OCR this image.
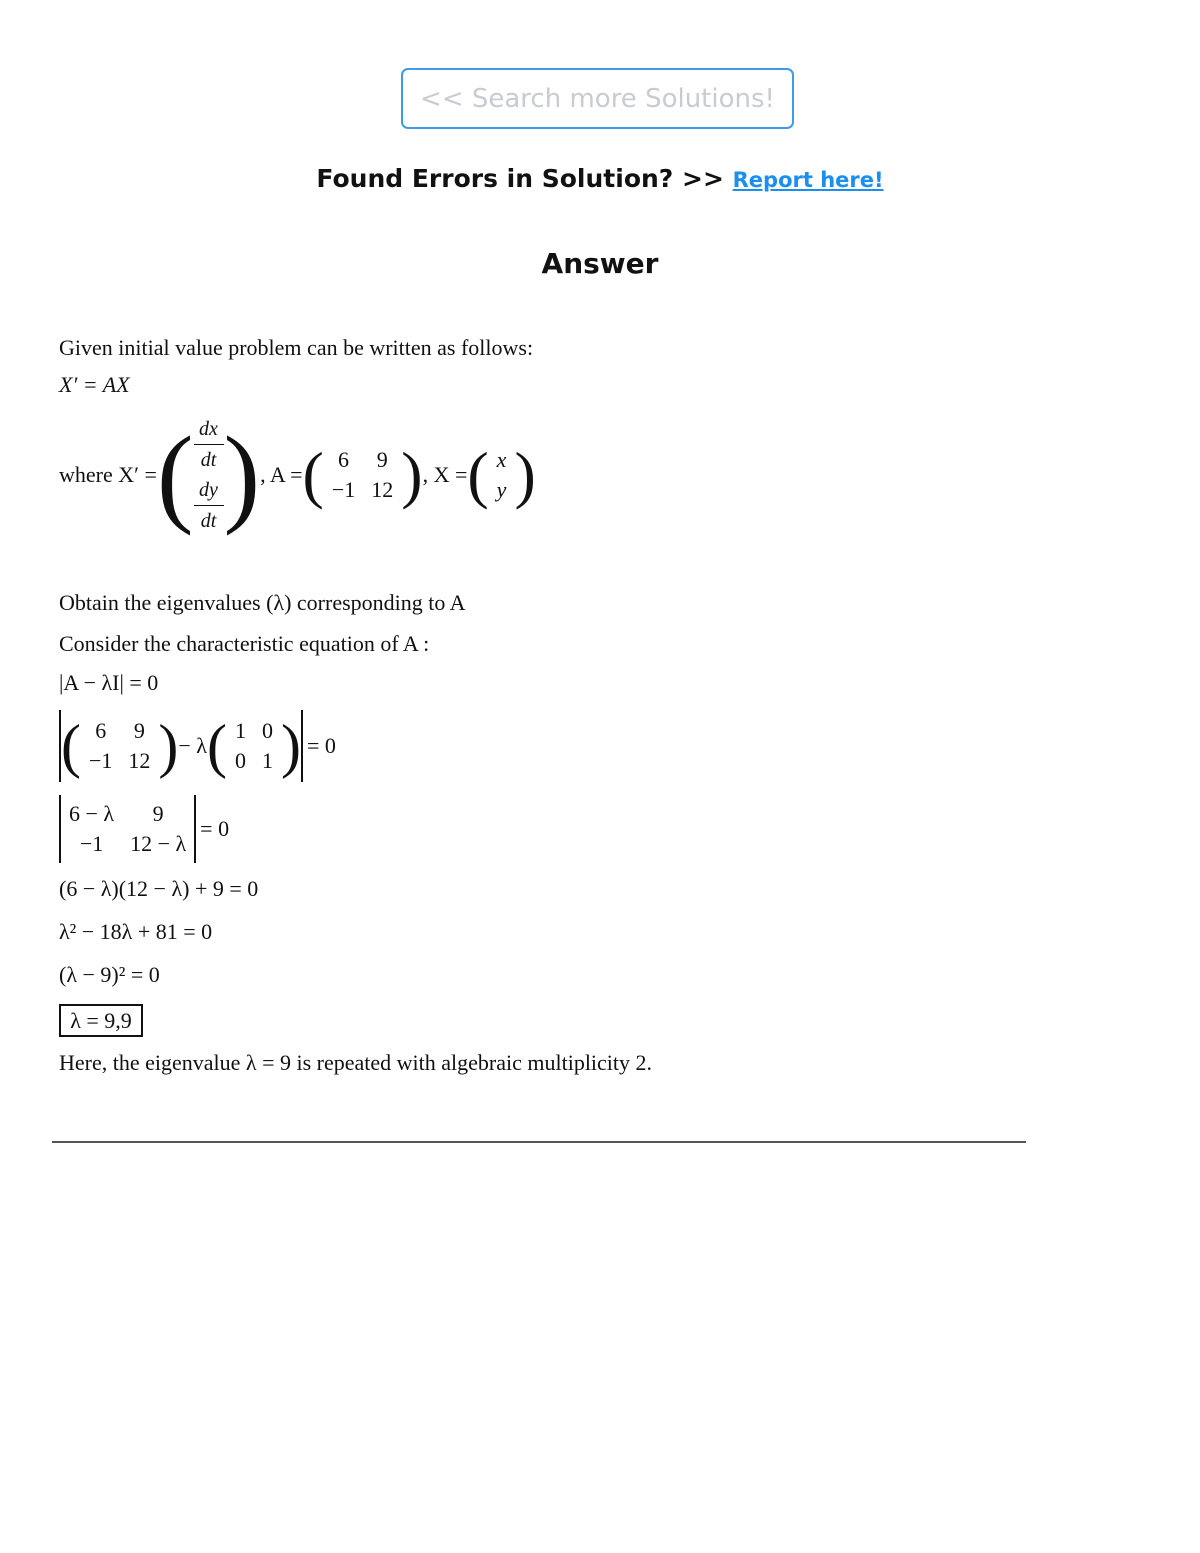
<< Search more Solutions!
Found Errors in Solution? >> Report here!
Answer
Given initial value problem can be written as follows:
X′ = AX
where X′ = ( $\frac{dx}{dt}$
$\frac{dy}{dt}$ ) , A = ( 6	9
−1	12 ) , X = ( x
y )
Obtain the eigenvalues (λ) corresponding to A
Consider the characteristic equation of A :
|A − λI| = 0
( 6	9
−1	12 ) − λ ( 1	0
0	1 ) = 0
6 − λ	9
−1	12 − λ
= 0
(6 − λ)(12 − λ) + 9 = 0
λ² − 18λ + 81 = 0
(λ − 9)² = 0
λ = 9,9
Here, the eigenvalue λ = 9 is repeated with algebraic multiplicity 2.
